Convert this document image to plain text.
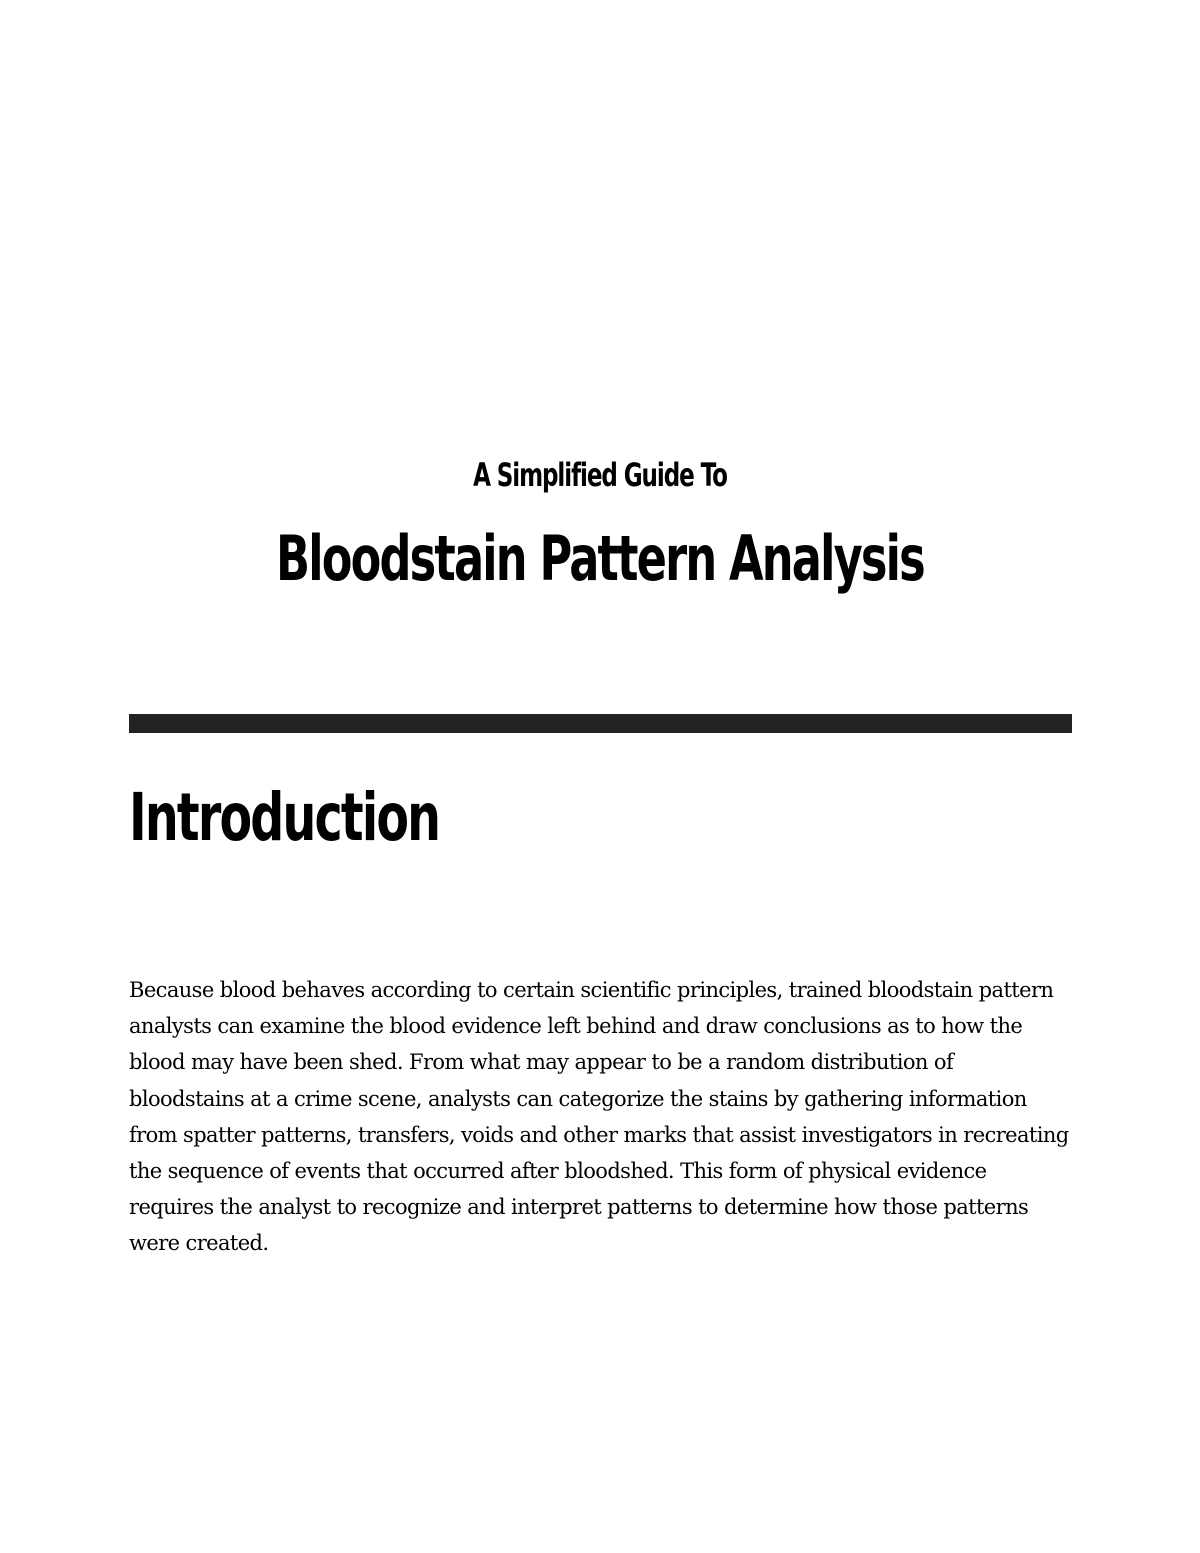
A Simplified Guide To
Bloodstain Pattern Analysis
Introduction

Because blood behaves according to certain scientific principles, trained bloodstain pattern analysts can examine the blood evidence left behind and draw conclusions as to how the blood may have been shed. From what may appear to be a random distribution of bloodstains at a crime scene, analysts can categorize the stains by gathering information from spatter patterns, transfers, voids and other marks that assist investigators in recreating the sequence of events that occurred after bloodshed. This form of physical evidence requires the analyst to recognize and interpret patterns to determine how those patterns were created.
